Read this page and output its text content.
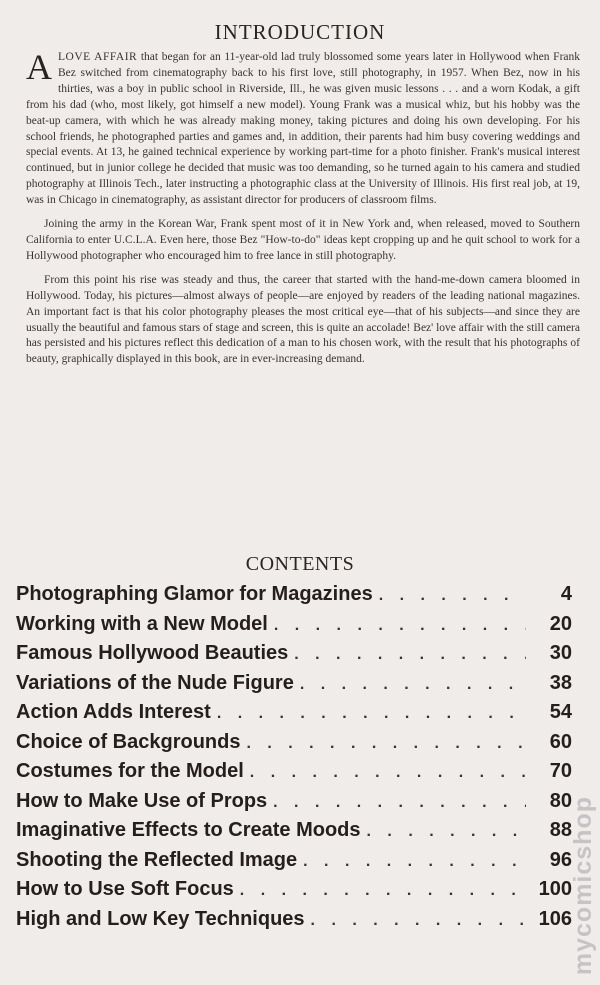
INTRODUCTION

ALOVE AFFAIR that began for an 11-year-old lad truly blossomed some years later in Hollywood when Frank Bez switched from cinematography back to his first love, still photography, in 1957. When Bez, now in his thirties, was a boy in public school in Riverside, Ill., he was given music lessons . . . and a worn Kodak, a gift from his dad (who, most likely, got himself a new model). Young Frank was a musical whiz, but his hobby was the beat-up camera, with which he was already making money, taking pictures and doing his own developing. For his school friends, he photographed parties and games and, in addition, their parents had him busy covering weddings and special events. At 13, he gained technical experience by working part-time for a photo finisher. Frank's musical interest continued, but in junior college he decided that music was too demanding, so he turned again to his camera and studied photography at Illinois Tech., later instructing a photographic class at the University of Illinois. His first real job, at 19, was in Chicago in cinematography, as assistant director for producers of classroom films.

Joining the army in the Korean War, Frank spent most of it in New York and, when released, moved to Southern California to enter U.C.L.A. Even here, those Bez "How-to-do" ideas kept cropping up and he quit school to work for a Hollywood photographer who encouraged him to free lance in still photography.

From this point his rise was steady and thus, the career that started with the hand-me-down camera bloomed in Hollywood. Today, his pictures—almost always of people—are enjoyed by readers of the leading national magazines. An important fact is that his color photography pleases the most critical eye—that of his subjects—and since they are usually the beautiful and famous stars of stage and screen, this is quite an accolade! Bez' love affair with the still camera has persisted and his pictures reflect this dedication of a man to his chosen work, with the result that his photographs of beauty, graphically displayed in this book, are in ever-increasing demand.

CONTENTS
Photographing Glamor for Magazines . . .	4
Working with a New Model . . .	20
Famous Hollywood Beauties . . .	30
Variations of the Nude Figure . . .	38
Action Adds Interest . . .	54
Choice of Backgrounds . . .	60
Costumes for the Model . . .	70
How to Make Use of Props . . .	80
Imaginative Effects to Create Moods . . .	88
Shooting the Reflected Image . . .	96
How to Use Soft Focus . . .	100
High and Low Key Techniques . . .	106
mycomicshop
